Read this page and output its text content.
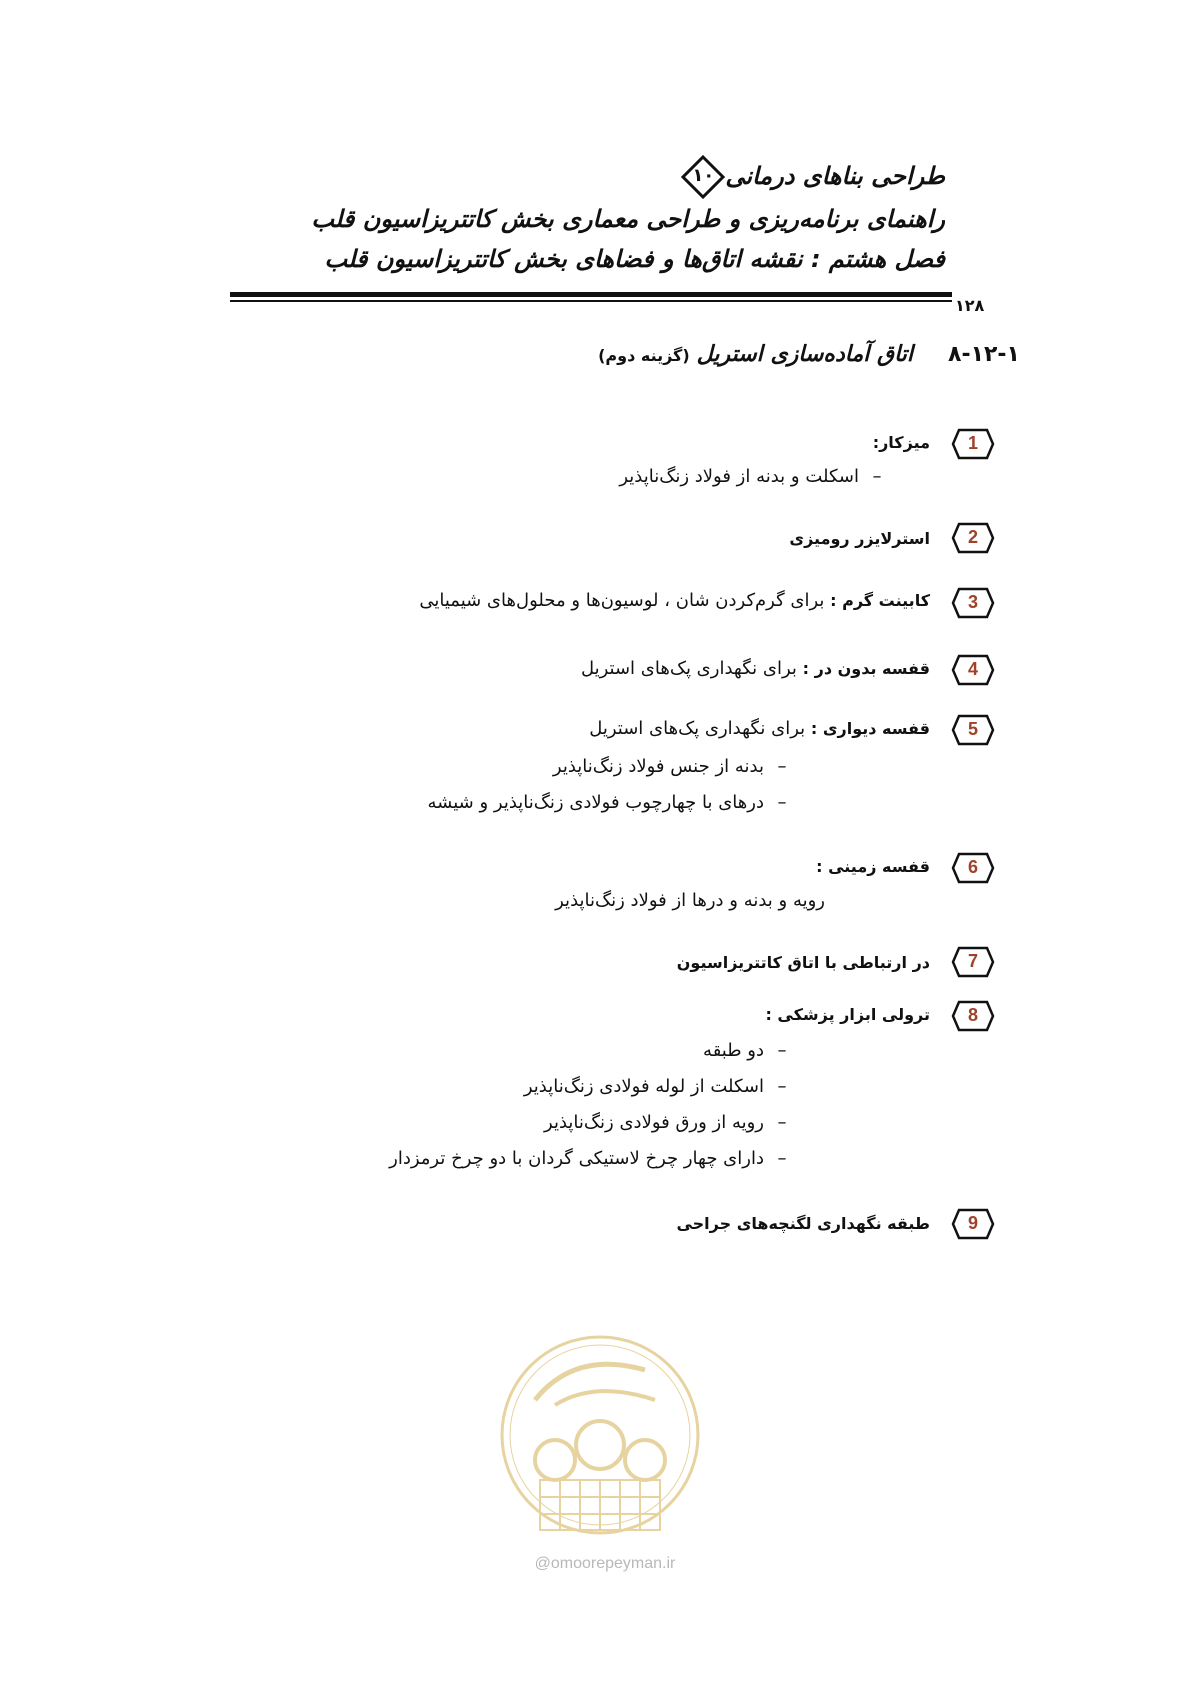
طراحی بناهای درمانی
۱۰
راهنمای برنامه‌ریزی و طراحی معماری بخش کاتتریزاسیون قلب
فصل هشتم : نقشه اتاق‌ها و فضاهای بخش کاتتریزاسیون قلب
۱۲۸
۸-۱۲-۱ اتاق آماده‌سازی استریل (گزینه دوم)
1
میزکار:
–اسکلت و بدنه از فولاد زنگ‌ناپذیر
2
استرلایزر رومیزی
3
کابینت گرم : برای گرم‌کردن شان ، لوسیون‌ها و محلول‌های شیمیایی
4
قفسه بدون در : برای نگهداری پک‌های استریل
5
قفسه دیواری : برای نگهداری پک‌های استریل
–بدنه از جنس فولاد زنگ‌ناپذیر
–درهای با چهارچوب فولادی زنگ‌ناپذیر و شیشه
6
قفسه زمینی :
رویه و بدنه و درها از فولاد زنگ‌ناپذیر
7
در ارتباطی با اتاق کاتتریزاسیون
8
ترولی ابزار پزشکی :
–دو طبقه
–اسکلت از لوله فولادی زنگ‌ناپذیر
–رویه از ورق فولادی زنگ‌ناپذیر
–دارای چهار چرخ لاستیکی گردان با دو چرخ ترمزدار
9
طبقه نگهداری لگنچه‌های جراحی
@omoorepeyman.ir
